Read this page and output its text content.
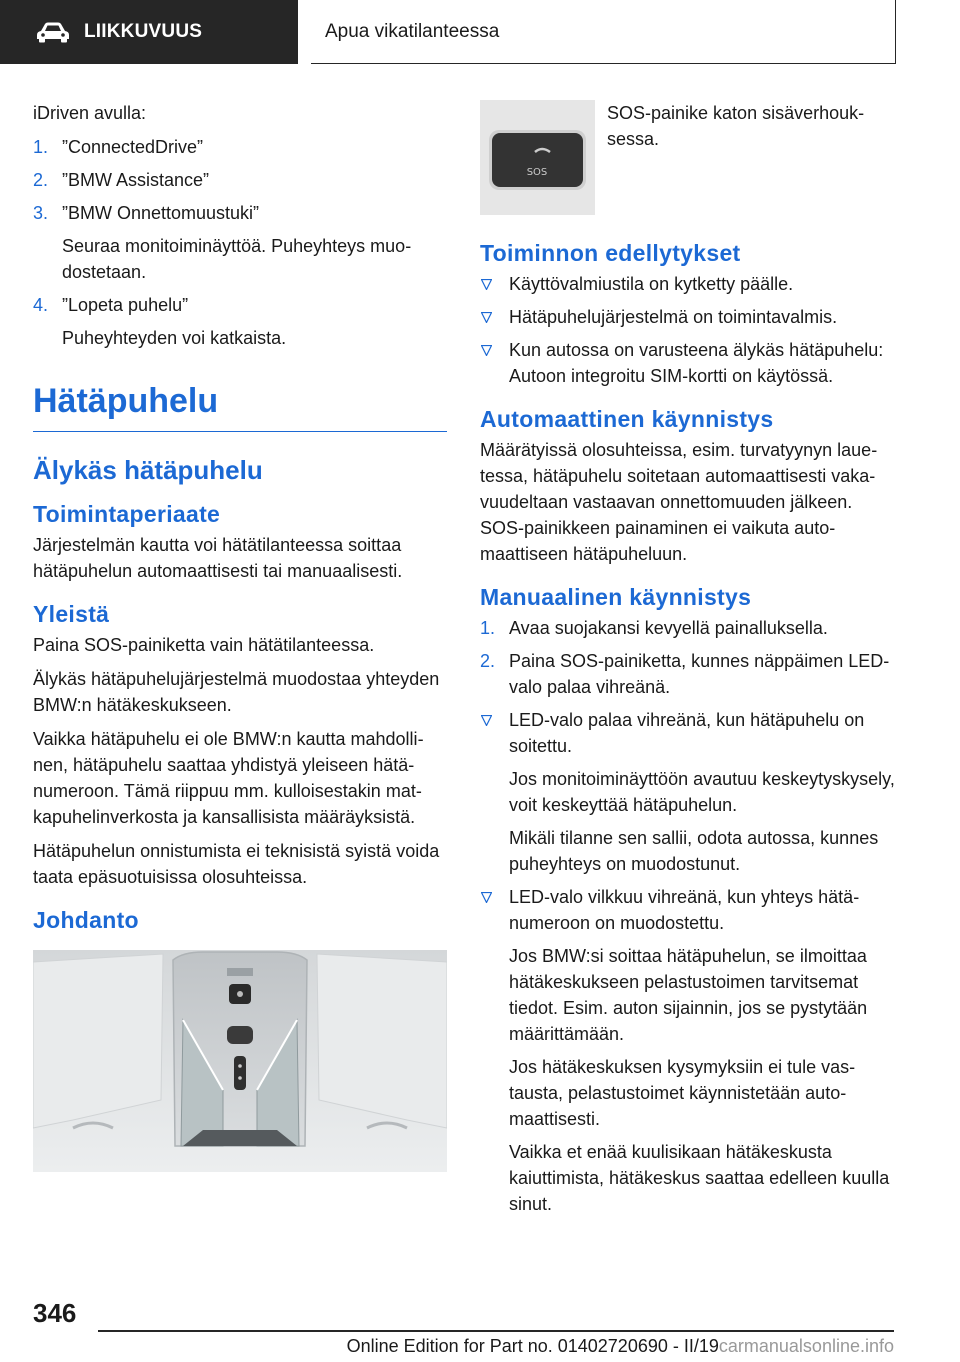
LIIKKUVUUS	Apua vikatilanteessa

iDriven avulla:

1. ”ConnectedDrive”
2. ”BMW Assistance”
3. ”BMW Onnettomuustuki”
Seuraa monitoiminäyttöä. Puheyhteys muodostetaan.
4. ”Lopeta puhelu”
Puheyhteyden voi katkaista.
Hätäpuhelu
Älykäs hätäpuhelu
Toimintaperiaate

Järjestelmän kautta voi hätätilanteessa soittaa hätäpuhelun automaattisesti tai manuaalisesti.

Yleistä

Paina SOS-painiketta vain hätätilanteessa.

Älykäs hätäpuhelujärjestelmä muodostaa yhteyden BMW:n hätäkeskukseen.

Vaikka hätäpuhelu ei ole BMW:n kautta mahdollinen, hätäpuhelu saattaa yhdistyä yleiseen hätänumeroon. Tämä riippuu mm. kulloisestakin matkapuhelinverkosta ja kansallisista määräyksistä.

Hätäpuhelun onnistumista ei teknisistä syistä voida taata epäsuotuisissa olosuhteissa.

Johdanto
SOS
SOS-painike katon sisäverhouksessa.
Toiminnon edellytykset
Käyttövalmiustila on kytketty päälle.
Hätäpuhelujärjestelmä on toimintavalmis.
Kun autossa on varusteena älykäs hätäpuhelu: Autoon integroitu SIM-kortti on käytössä.
Automaattinen käynnistys

Määrätyissä olosuhteissa, esim. turvatyynyn lauetessa, hätäpuhelu soitetaan automaattisesti vakavuudeltaan vastaavan onnettomuuden jälkeen. SOS-painikkeen painaminen ei vaikuta automaattiseen hätäpuheluun.

Manuaalinen käynnistys
1. Avaa suojakansi kevyellä painalluksella.
2. Paina SOS-painiketta, kunnes näppäimen LED-valo palaa vihreänä.
LED-valo palaa vihreänä, kun hätäpuhelu on soitettu.
Jos monitoiminäyttöön avautuu keskeytyskysely, voit keskeyttää hätäpuhelun.
Mikäli tilanne sen sallii, odota autossa, kunnes puheyhteys on muodostunut.
LED-valo vilkkuu vihreänä, kun yhteys hätänumeroon on muodostettu.
Jos BMW:si soittaa hätäpuhelun, se ilmoittaa hätäkeskukseen pelastustoimen tarvitsemat tiedot. Esim. auton sijainnin, jos se pystytään määrittämään.
Jos hätäkeskuksen kysymyksiin ei tule vastausta, pelastustoimet käynnistetään automaattisesti.
Vaikka et enää kuulisikaan hätäkeskusta kaiuttimista, hätäkeskus saattaa edelleen kuulla sinut.
346
Online Edition for Part no. 01402720690 - II/19carmanualsonline.info
